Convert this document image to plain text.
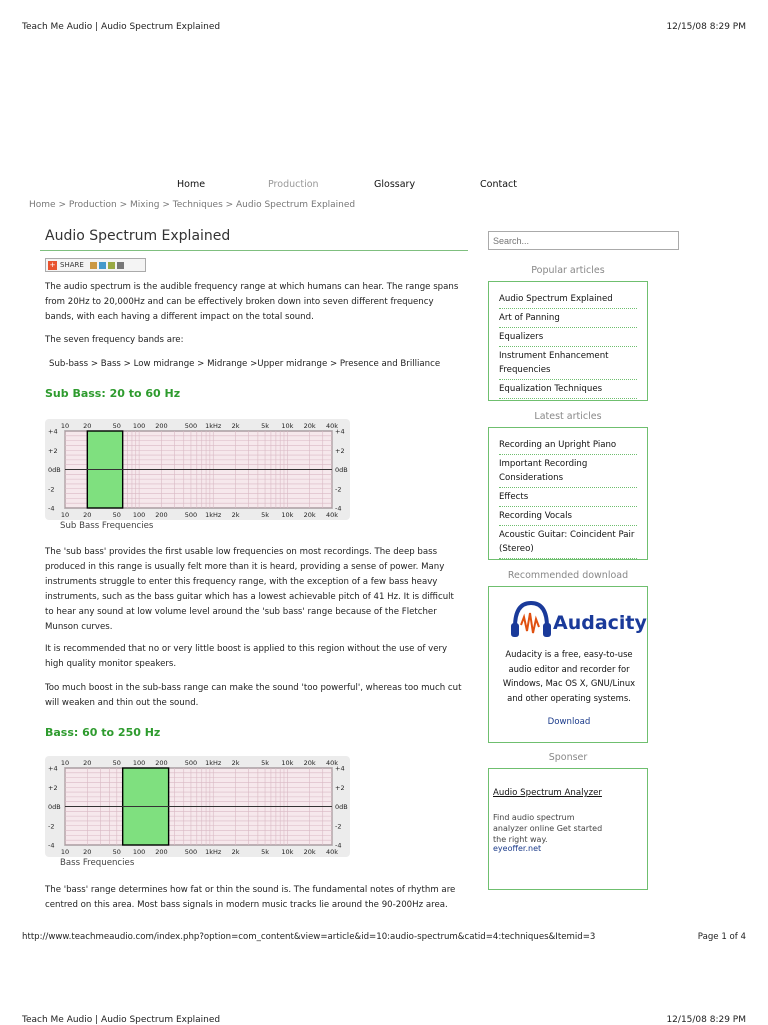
Teach Me Audio | Audio Spectrum Explained	12/15/08 8:29 PM
Home	Production	Glossary	Contact
Home > Production > Mixing > Techniques > Audio Spectrum Explained
Audio Spectrum Explained
+ SHARE
The audio spectrum is the audible frequency range at which humans can hear. The range spans from 20Hz to 20,000Hz and can be effectively broken down into seven different frequency bands, with each having a different impact on the total sound.
The seven frequency bands are:
Sub-bass > Bass > Low midrange > Midrange >Upper midrange > Presence and Brilliance
Sub Bass: 20 to 60 Hz
10
10
20
20
50
50
100
100
200
200
500
500
1kHz
1kHz
2k
2k
5k
5k
10k
10k
20k
20k
40k
40k
+4	+4
+2	+2
0dB	0dB
-2	-2
-4	-4
Sub Bass Frequencies
The 'sub bass' provides the first usable low frequencies on most recordings. The deep bass produced in this range is usually felt more than it is heard, providing a sense of power. Many instruments struggle to enter this frequency range, with the exception of a few bass heavy instruments, such as the bass guitar which has a lowest achievable pitch of 41 Hz. It is difficult to hear any sound at low volume level around the 'sub bass' range because of the Fletcher Munson curves.
It is recommended that no or very little boost is applied to this region without the use of very high quality monitor speakers.
Too much boost in the sub-bass range can make the sound 'too powerful', whereas too much cut will weaken and thin out the sound.
Bass: 60 to 250 Hz
10
10
20
20
50
50
100
100
200
200
500
500
1kHz
1kHz
2k
2k
5k
5k
10k
10k
20k
20k
40k
40k
+4	+4
+2	+2
0dB	0dB
-2	-2
-4	-4
Bass Frequencies
The 'bass' range determines how fat or thin the sound is. The fundamental notes of rhythm are centred on this area. Most bass signals in modern music tracks lie around the 90-200Hz area.
Search...
Popular articles
Audio Spectrum Explained
Art of Panning
Equalizers
Instrument Enhancement Frequencies
Equalization Techniques
Latest articles
Recording an Upright Piano
Important Recording Considerations
Effects
Recording Vocals
Acoustic Guitar: Coincident Pair (Stereo)
Recommended download
Audacity
Audacity is a free, easy-to-use audio editor and recorder for Windows, Mac OS X, GNU/Linux and other operating systems.
Download
Sponser
Audio Spectrum Analyzer
Find audio spectrum analyzer online Get started the right way.
eyeoffer.net
http://www.teachmeaudio.com/index.php?option=com_content&view=article&id=10:audio-spectrum&catid=4:techniques&Itemid=3	Page 1 of 4
Teach Me Audio | Audio Spectrum Explained	12/15/08 8:29 PM
